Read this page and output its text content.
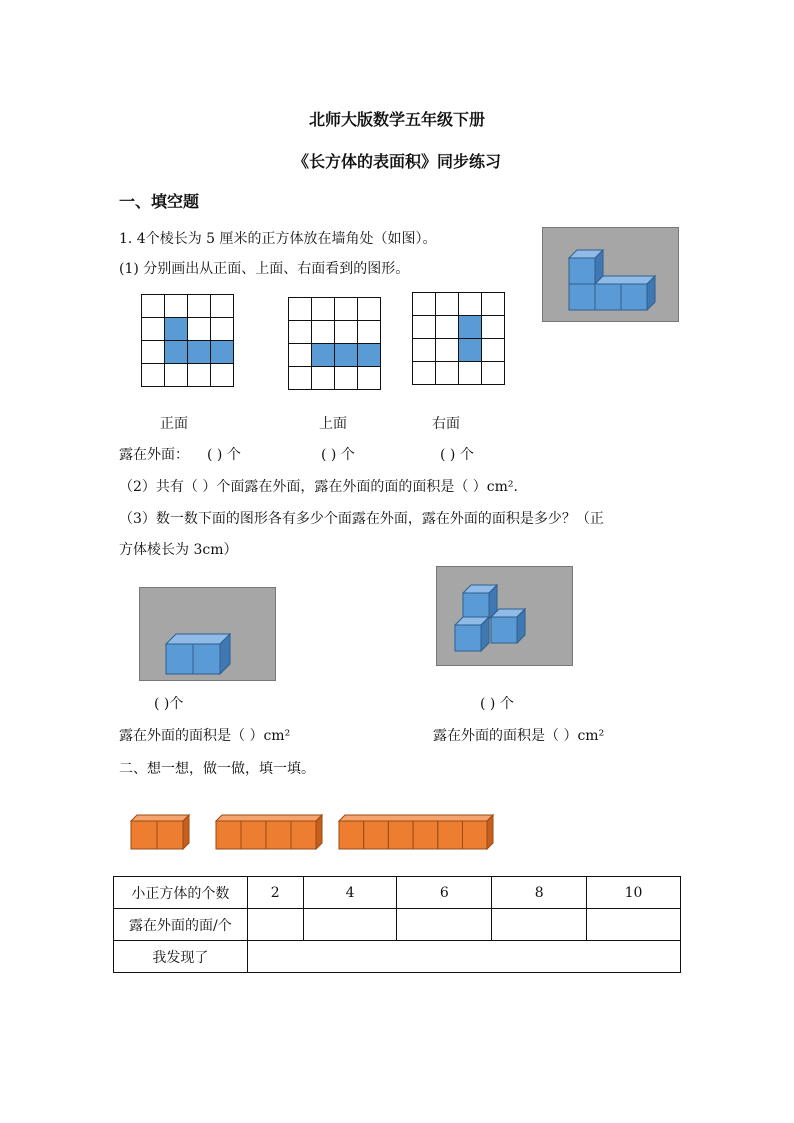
北师大版数学五年级下册
《长方体的表面积》同步练习
一、填空题
1. 4个棱长为 5 厘米的正方体放在墙角处（如图）。
(1) 分别画出从正面、上面、右面看到的图形。

正面	上面	右面
露在外面： ( ) 个	( ) 个	( ) 个
（2）共有（ ）个面露在外面，露在外面的面的面积是（ ）cm².
（3）数一数下面的图形各有多少个面露在外面，露在外面的面积是多少？（正
方体棱长为 3cm）
( )个	( ) 个
露在外面的面积是（ ）cm²	露在外面的面积是（ ）cm²
二、想一想，做一做，填一填。
小正方体的个数	2	4	6	8	10
露在外面的面/个					
我发现了					
